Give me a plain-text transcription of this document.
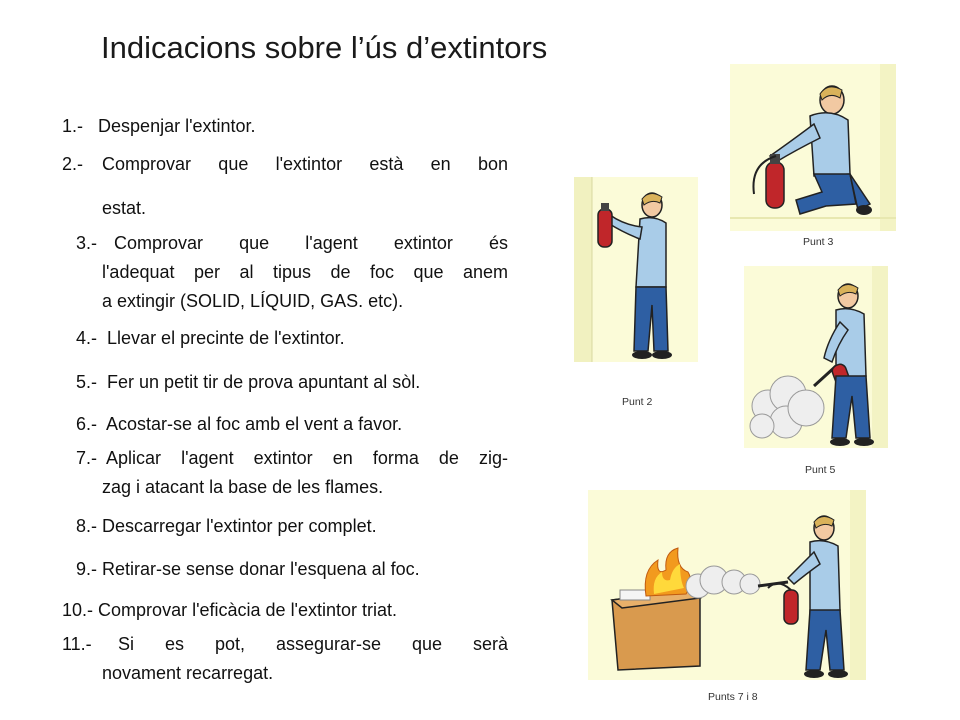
Indicacions sobre l’ús d’extintors
1.- Despenjar l'extintor.
2.- Comprovar que l'extintor està en bon
estat.
3.- Comprovar que l'agent extintor és
l'adequat per al tipus de foc que anem
a extingir (SOLID, LÍQUID, GAS. etc).
4.- Llevar el precinte de l'extintor.
5.- Fer un petit tir de prova apuntant al sòl.
6.- Acostar-se al foc amb el vent a favor.
7.- Aplicar l'agent extintor en forma de zig-
zag i atacant la base de les flames.
8.- Descarregar l'extintor per complet.
9.- Retirar-se sense donar l'esquena al foc.
10.- Comprovar l'eficàcia de l'extintor triat.
11.-	Si es pot, assegurar-se que serà
novament recarregat.
Punt 3
Punt 2
Punt 5
Punts 7 i 8
